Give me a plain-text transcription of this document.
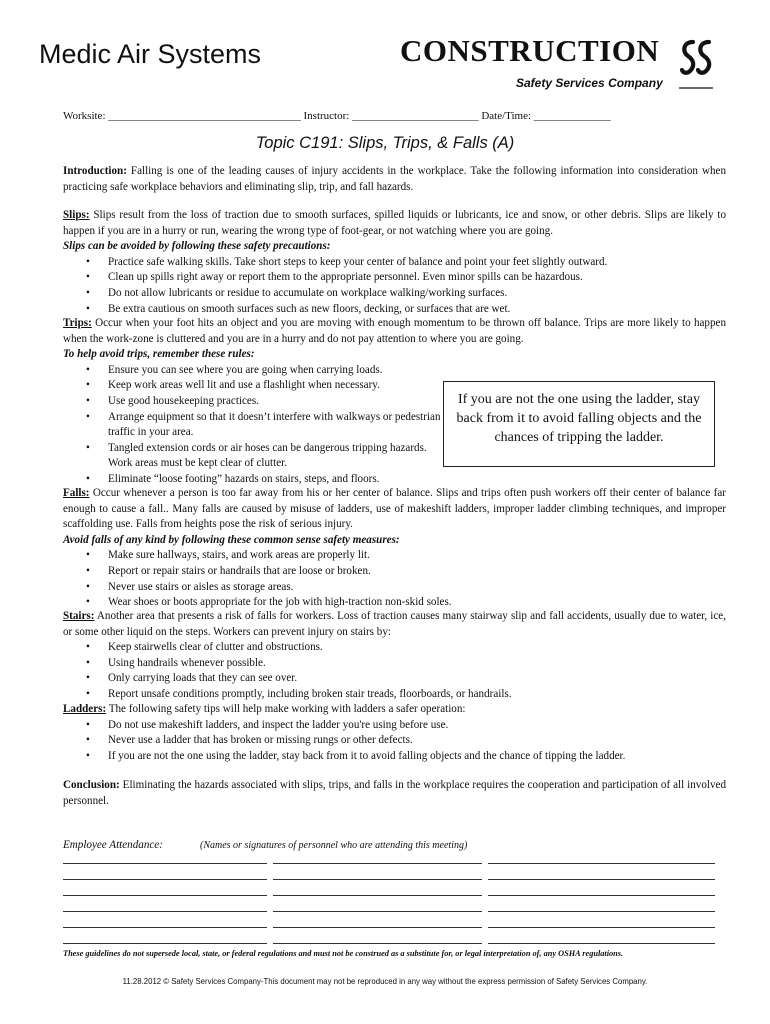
Medic Air Systems	CONSTRUCTION
Safety Services Company
Worksite: ___________________________________ Instructor: _______________________ Date/Time: ______________
Topic C191: Slips, Trips, & Falls (A)
Introduction: Falling is one of the leading causes of injury accidents in the workplace. Take the following information into consideration when practicing safe workplace behaviors and eliminating slip, trip, and fall hazards.
Slips: Slips result from the loss of traction due to smooth surfaces, spilled liquids or lubricants, ice and snow, or other debris. Slips are likely to happen if you are in a hurry or run, wearing the wrong type of foot-gear, or not watching where you are going.
Slips can be avoided by following these safety precautions:
• Practice safe walking skills. Take short steps to keep your center of balance and point your feet slightly outward.
• Clean up spills right away or report them to the appropriate personnel. Even minor spills can be hazardous.
• Do not allow lubricants or residue to accumulate on workplace walking/working surfaces.
• Be extra cautious on smooth surfaces such as new floors, decking, or surfaces that are wet.
Trips: Occur when your foot hits an object and you are moving with enough momentum to be thrown off balance. Trips are more likely to happen when the work-zone is cluttered and you are in a hurry and do not pay attention to where you are going.
To help avoid trips, remember these rules:
• Ensure you can see where you are going when carrying loads.
• Keep work areas well lit and use a flashlight when necessary.
• Use good housekeeping practices.
• Arrange equipment so that it doesn’t interfere with walkways or pedestrian traffic in your area.
• Tangled extension cords or air hoses can be dangerous tripping hazards. Work areas must be kept clear of clutter.
• Eliminate “loose footing” hazards on stairs, steps, and floors.
If you are not the one using the ladder, stay back from it to avoid falling objects and the chances of tripping the ladder.
Falls: Occur whenever a person is too far away from his or her center of balance. Slips and trips often push workers off their center of balance far enough to cause a fall.. Many falls are caused by misuse of ladders, use of makeshift ladders, improper ladder climbing techniques, and improper scaffolding use. Falls from heights pose the risk of serious injury.
Avoid falls of any kind by following these common sense safety measures:
• Make sure hallways, stairs, and work areas are properly lit.
• Report or repair stairs or handrails that are loose or broken.
• Never use stairs or aisles as storage areas.
• Wear shoes or boots appropriate for the job with high-traction non-skid soles.
Stairs: Another area that presents a risk of falls for workers. Loss of traction causes many stairway slip and fall accidents, usually due to water, ice, or some other liquid on the steps. Workers can prevent injury on stairs by:
• Keep stairwells clear of clutter and obstructions.
• Using handrails whenever possible.
• Only carrying loads that they can see over.
• Report unsafe conditions promptly, including broken stair treads, floorboards, or handrails.
Ladders: The following safety tips will help make working with ladders a safer operation:
• Do not use makeshift ladders, and inspect the ladder you're using before use.
• Never use a ladder that has broken or missing rungs or other defects.
• If you are not the one using the ladder, stay back from it to avoid falling objects and the chance of tipping the ladder.
Conclusion: Eliminating the hazards associated with slips, trips, and falls in the workplace requires the cooperation and participation of all involved personnel.
Employee Attendance:	(Names or signatures of personnel who are attending this meeting)
These guidelines do not supersede local, state, or federal regulations and must not be construed as a substitute for, or legal interpretation of, any OSHA regulations.
11.28.2012 © Safety Services Company-This document may not be reproduced in any way without the express permission of Safety Services Company.
